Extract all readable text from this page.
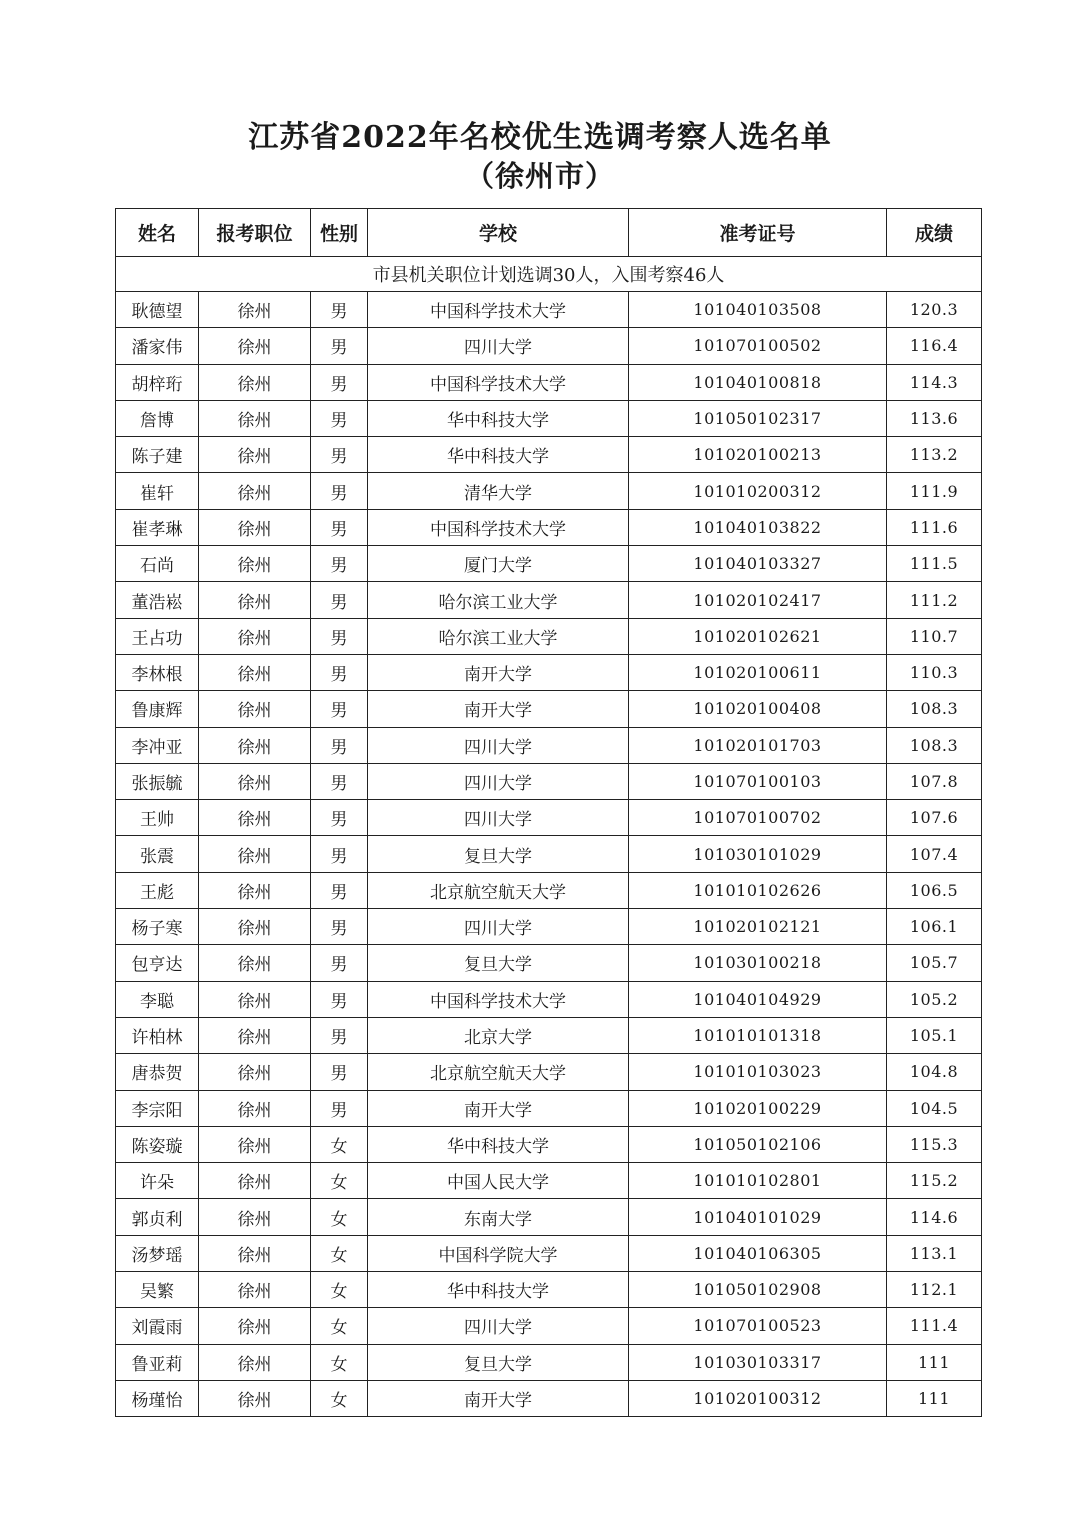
江苏省2022年名校优生选调考察人选名单
（徐州市）
姓名	报考职位	性别	学校	准考证号	成绩
市县机关职位计划选调30人，入围考察46人					
耿德望	徐州	男	中国科学技术大学	101040103508	120.3
潘家伟	徐州	男	四川大学	101070100502	116.4
胡梓珩	徐州	男	中国科学技术大学	101040100818	114.3
詹博	徐州	男	华中科技大学	101050102317	113.6
陈子建	徐州	男	华中科技大学	101020100213	113.2
崔轩	徐州	男	清华大学	101010200312	111.9
崔孝琳	徐州	男	中国科学技术大学	101040103822	111.6
石尚	徐州	男	厦门大学	101040103327	111.5
董浩崧	徐州	男	哈尔滨工业大学	101020102417	111.2
王占功	徐州	男	哈尔滨工业大学	101020102621	110.7
李林根	徐州	男	南开大学	101020100611	110.3
鲁康辉	徐州	男	南开大学	101020100408	108.3
李冲亚	徐州	男	四川大学	101020101703	108.3
张振毓	徐州	男	四川大学	101070100103	107.8
王帅	徐州	男	四川大学	101070100702	107.6
张震	徐州	男	复旦大学	101030101029	107.4
王彪	徐州	男	北京航空航天大学	101010102626	106.5
杨子寒	徐州	男	四川大学	101020102121	106.1
包亨达	徐州	男	复旦大学	101030100218	105.7
李聪	徐州	男	中国科学技术大学	101040104929	105.2
许柏林	徐州	男	北京大学	101010101318	105.1
唐恭贺	徐州	男	北京航空航天大学	101010103023	104.8
李宗阳	徐州	男	南开大学	101020100229	104.5
陈姿璇	徐州	女	华中科技大学	101050102106	115.3
许朵	徐州	女	中国人民大学	101010102801	115.2
郭贞利	徐州	女	东南大学	101040101029	114.6
汤梦瑶	徐州	女	中国科学院大学	101040106305	113.1
吴繁	徐州	女	华中科技大学	101050102908	112.1
刘霞雨	徐州	女	四川大学	101070100523	111.4
鲁亚莉	徐州	女	复旦大学	101030103317	111
杨瑾怡	徐州	女	南开大学	101020100312	111
